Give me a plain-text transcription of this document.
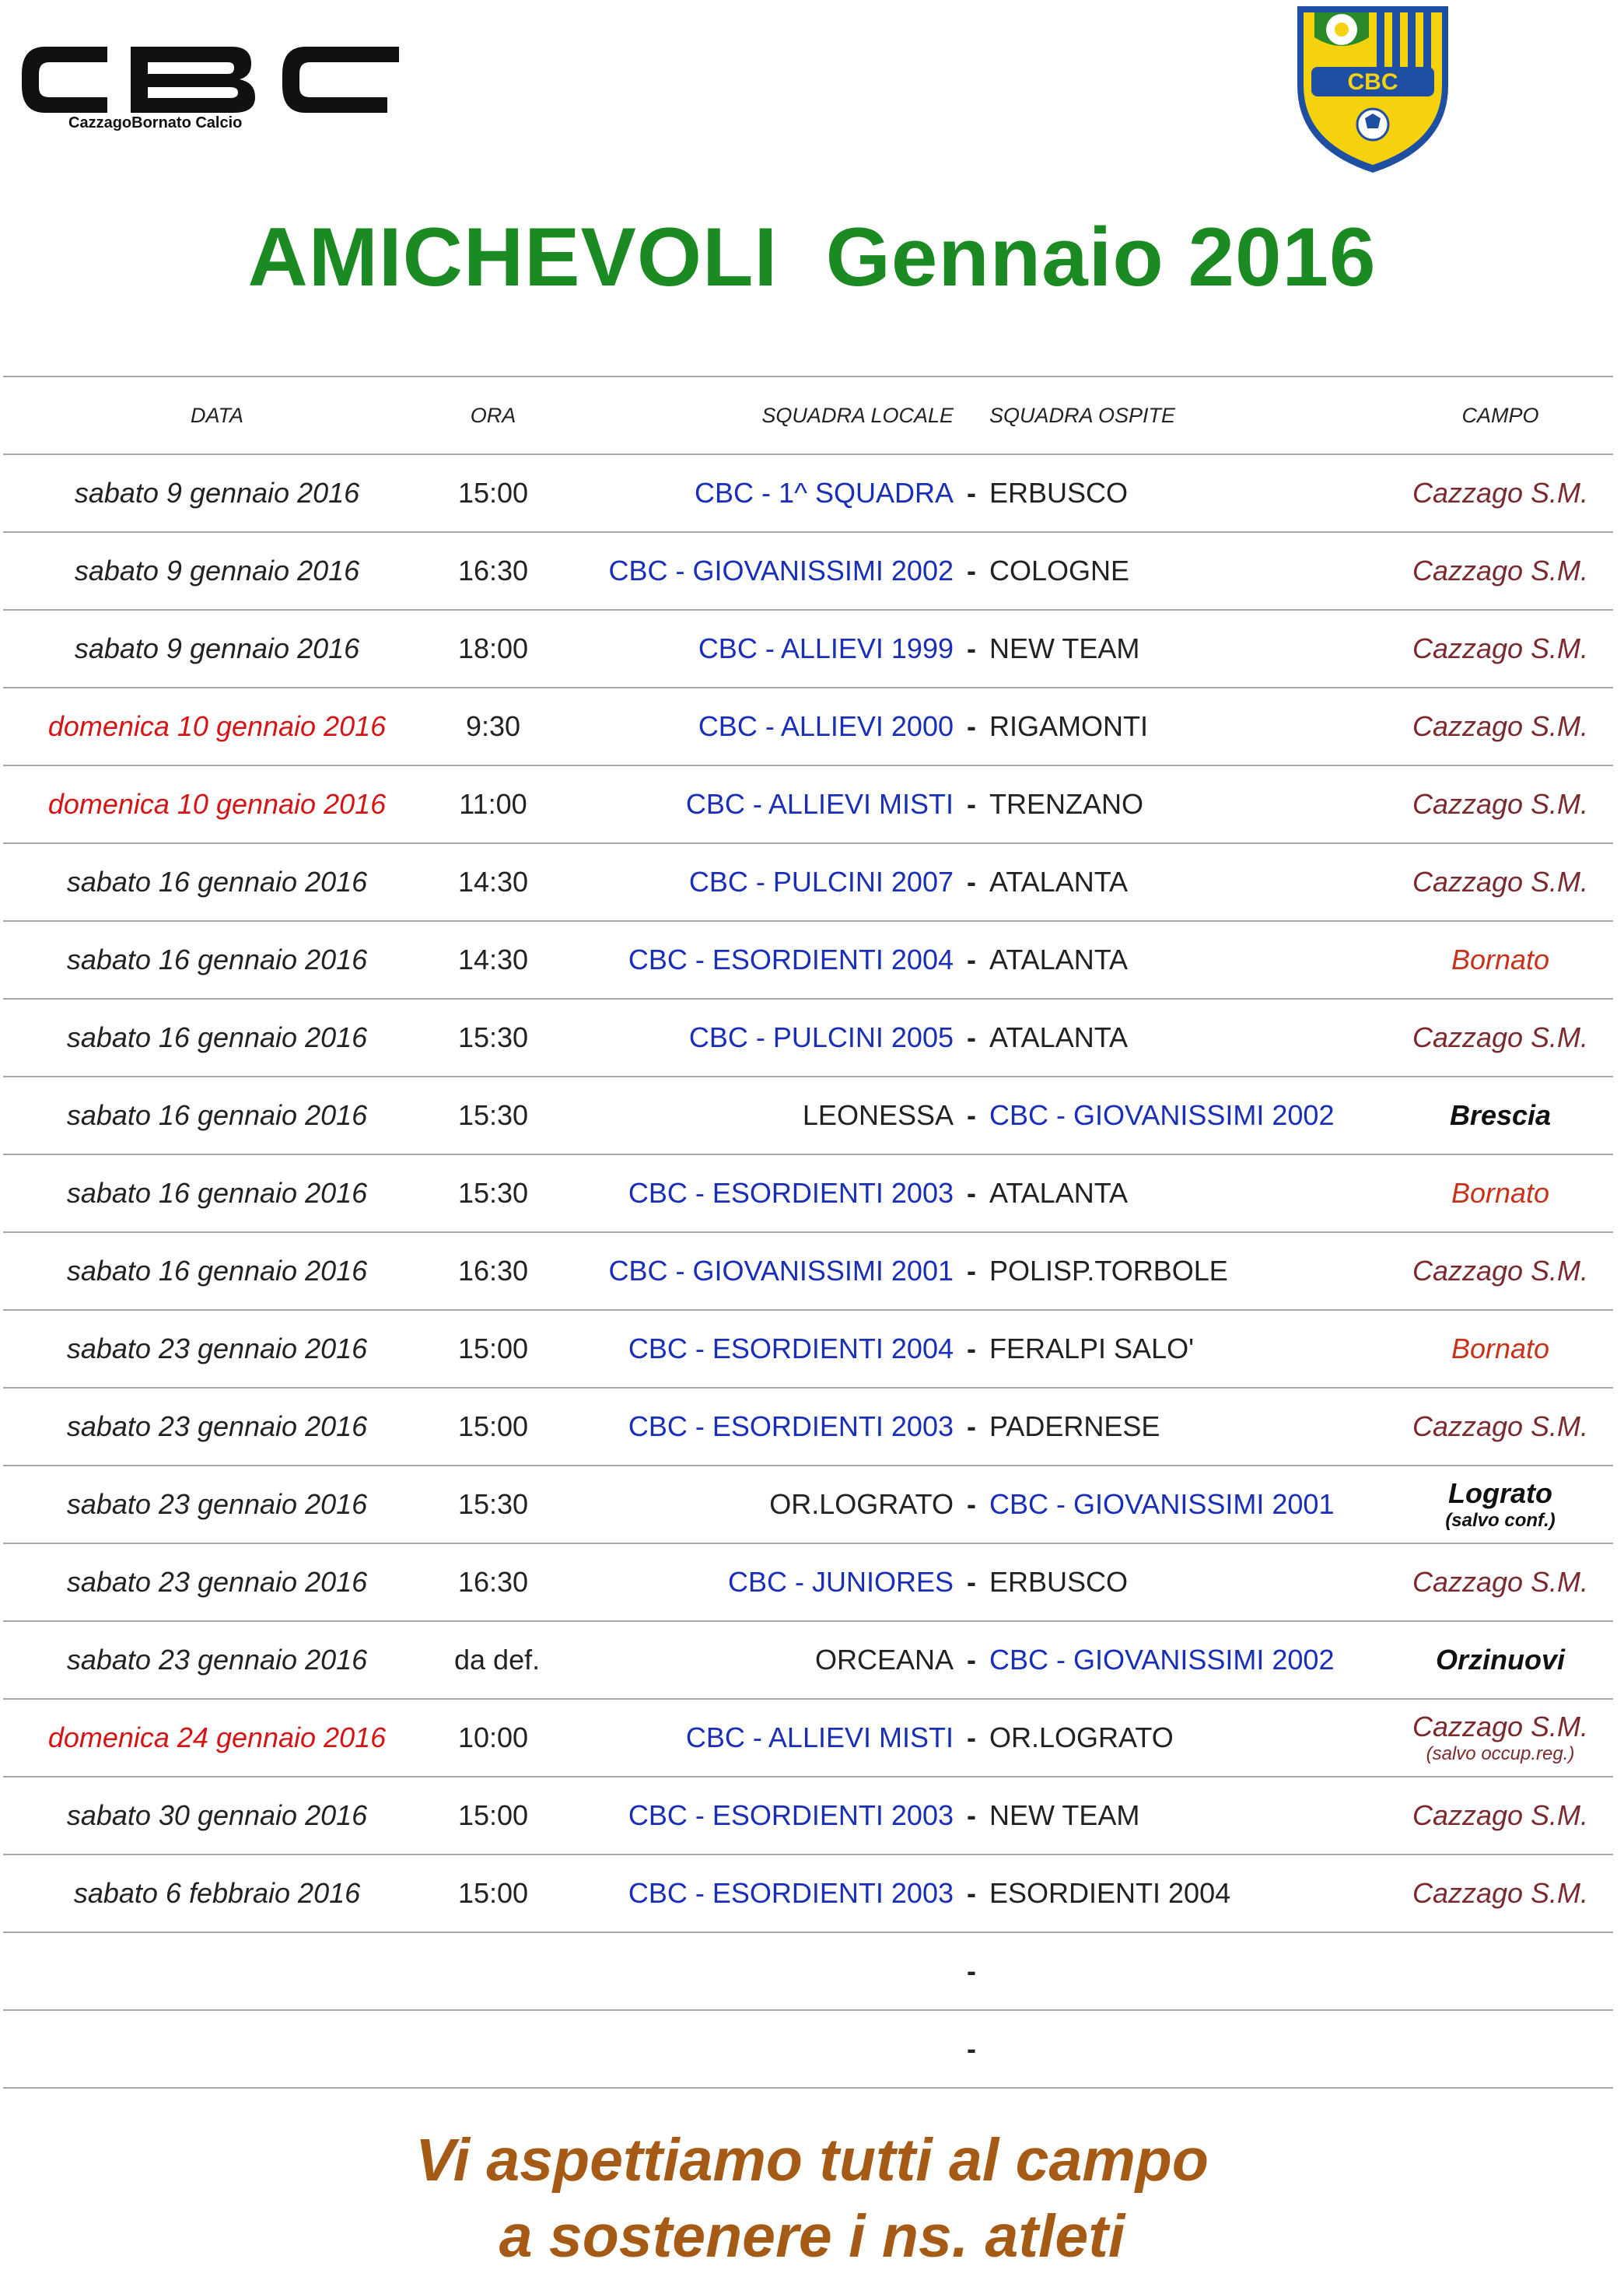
CazzagoBornato Calcio
CBC
AMICHEVOLI  Gennaio 2016
DATA	ORA	SQUADRA LOCALE SQUADRA OSPITE	CAMPO
sabato 9 gennaio 2016	15:00	CBC - 1^ SQUADRA - ERBUSCO	Cazzago S.M.
sabato 9 gennaio 2016	16:30	CBC - GIOVANISSIMI 2002 - COLOGNE	Cazzago S.M.
sabato 9 gennaio 2016	18:00	CBC - ALLIEVI 1999 - NEW TEAM	Cazzago S.M.
domenica 10 gennaio 2016	9:30	CBC - ALLIEVI 2000 - RIGAMONTI	Cazzago S.M.
domenica 10 gennaio 2016	11:00	CBC - ALLIEVI MISTI - TRENZANO	Cazzago S.M.
sabato 16 gennaio 2016	14:30	CBC - PULCINI 2007 - ATALANTA	Cazzago S.M.
sabato 16 gennaio 2016	14:30	CBC - ESORDIENTI 2004 - ATALANTA	Bornato
sabato 16 gennaio 2016	15:30	CBC - PULCINI 2005 - ATALANTA	Cazzago S.M.
sabato 16 gennaio 2016	15:30	LEONESSA - CBC - GIOVANISSIMI 2002	Brescia
sabato 16 gennaio 2016	15:30	CBC - ESORDIENTI 2003 - ATALANTA	Bornato
sabato 16 gennaio 2016	16:30	CBC - GIOVANISSIMI 2001 - POLISP.TORBOLE	Cazzago S.M.
sabato 23 gennaio 2016	15:00	CBC - ESORDIENTI 2004 - FERALPI SALO'	Bornato
sabato 23 gennaio 2016	15:00	CBC - ESORDIENTI 2003 - PADERNESE	Cazzago S.M.
sabato 23 gennaio 2016	15:30	OR.LOGRATO - CBC - GIOVANISSIMI 2001	Lograto
(salvo conf.)
sabato 23 gennaio 2016	16:30	CBC - JUNIORES - ERBUSCO	Cazzago S.M.
sabato 23 gennaio 2016	da def.	ORCEANA - CBC - GIOVANISSIMI 2002	Orzinuovi
domenica 24 gennaio 2016	10:00	CBC - ALLIEVI MISTI - OR.LOGRATO	Cazzago S.M.
(salvo occup.reg.)
sabato 30 gennaio 2016	15:00	CBC - ESORDIENTI 2003 - NEW TEAM	Cazzago S.M.
sabato 6 febbraio 2016	15:00	CBC - ESORDIENTI 2003 - ESORDIENTI 2004	Cazzago S.M.
-
-
Vi aspettiamo tutti al campo
a sostenere i ns. atleti
